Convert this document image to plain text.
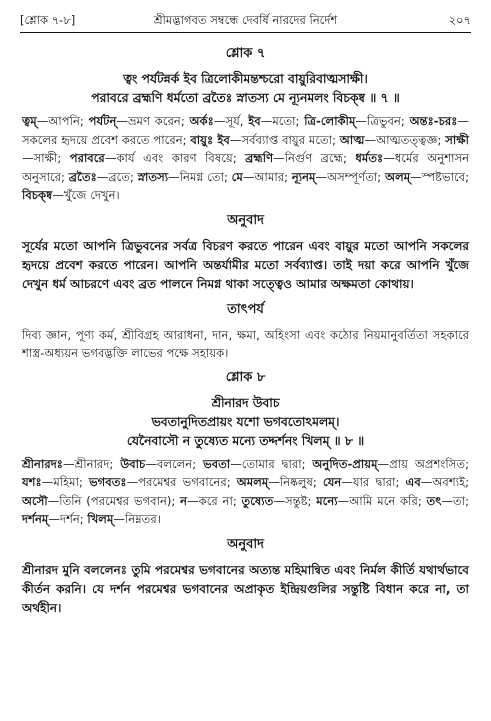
[শ্লোক ৭-৮]	শ্রীমদ্ভাগবত সম্বন্ধে দেবর্ষি নারদের নির্দেশ	২০৭
শ্লোক ৭
ত্বং পর্যটন্নর্ক ইব ত্রিলোকীমন্তশ্চরো বায়ুরিবাত্মসাক্ষী।
পরাবরে ব্রহ্মণি ধর্মতো ব্রতৈঃ স্নাতস্য মে ন্যূনমলং বিচক্ষ্ব ॥ ৭ ॥
ত্বম্—আপনি; পর্যটন্—ভ্রমণ করেন; অর্কঃ—সূর্য, ইব—মতো; ত্রি-লোকীম্—ত্রিভুবন; অন্তঃ-চরঃ—সকলের হৃদয়ে প্রবেশ করতে পারেন; বায়ুঃ ইব—সর্বব্যাপ্ত বায়ুর মতো; আত্ম—আত্মতত্ত্বজ্ঞ; সাক্ষী—সাক্ষী; পরাবরে—কার্য এবং কারণ বিষয়ে; ব্রহ্মণি—নির্গুণ ব্রহ্মে; ধর্মতঃ—ধর্মের অনুশাসন অনুসারে; ব্রতৈঃ—ব্রতে; স্নাতস্য—নিমগ্ন তো; মে—আমার; ন্যূনম্—অসম্পূর্ণতা; অলম্—স্পষ্টভাবে; বিচক্ষ্ব—খুঁজে দেখুন।
অনুবাদ

সূর্যের মতো আপনি ত্রিভুবনের সর্বত্র বিচরণ করতে পারেন এবং বায়ুর মতো আপনি সকলের হৃদয়ে প্রবেশ করতে পারেন। আপনি অন্তর্যামীর মতো সর্বব্যাপ্ত। তাই দয়া করে আপনি খুঁজে দেখুন ধর্ম আচরণে এবং ব্রত পালনে নিমগ্ন থাকা সত্ত্বেও আমার অক্ষমতা কোথায়।

তাৎপর্য

দিব্য জ্ঞান, পূণ্য কর্ম, শ্রীবিগ্রহ আরাধনা, দান, ক্ষমা, অহিংসা এবং কঠোর নিয়মানুবর্তিতা সহকারে শাস্ত্র-অধ্যয়ন ভগবদ্ভক্তি লাভের পক্ষে সহায়ক।

শ্লোক ৮
শ্রীনারদ উবাচ
ভবতানুদিতপ্রায়ং যশো ভগবতোঽমলম্।
যেনৈবাসৌ ন তুষ্যেত মন্যে তদ্দর্শনং খিলম্ ॥ ৮ ॥
শ্রীনারদঃ—শ্রীনারদ; উবাচ—বললেন; ভবতা—তোমার দ্বারা; অনুদিত-প্রায়ম্—প্রায় অপ্রশংসিত; যশঃ—মহিমা; ভগবতঃ—পরমেশ্বর ভগবানের; অমলম্—নিষ্কলুষ; যেন—যার দ্বারা; এব—অবশ্যই; অসৌ—তিনি (পরমেশ্বর ভগবান); ন—করে না; তুষ্যেত—সন্তুষ্ট; মন্যে—আমি মনে করি; তৎ—তা; দর্শনম্—দর্শন; খিলম্—নিম্নতর।
অনুবাদ

শ্রীনারদ মুনি বললেনঃ তুমি পরমেশ্বর ভগবানের অত্যন্ত মহিমান্বিত এবং নির্মল কীর্তি যথার্থভাবে কীর্তন করনি। যে দর্শন পরমেশ্বর ভগবানের অপ্রাকৃত ইন্দ্রিয়গুলির সন্তুষ্টি বিধান করে না, তা অর্থহীন।
